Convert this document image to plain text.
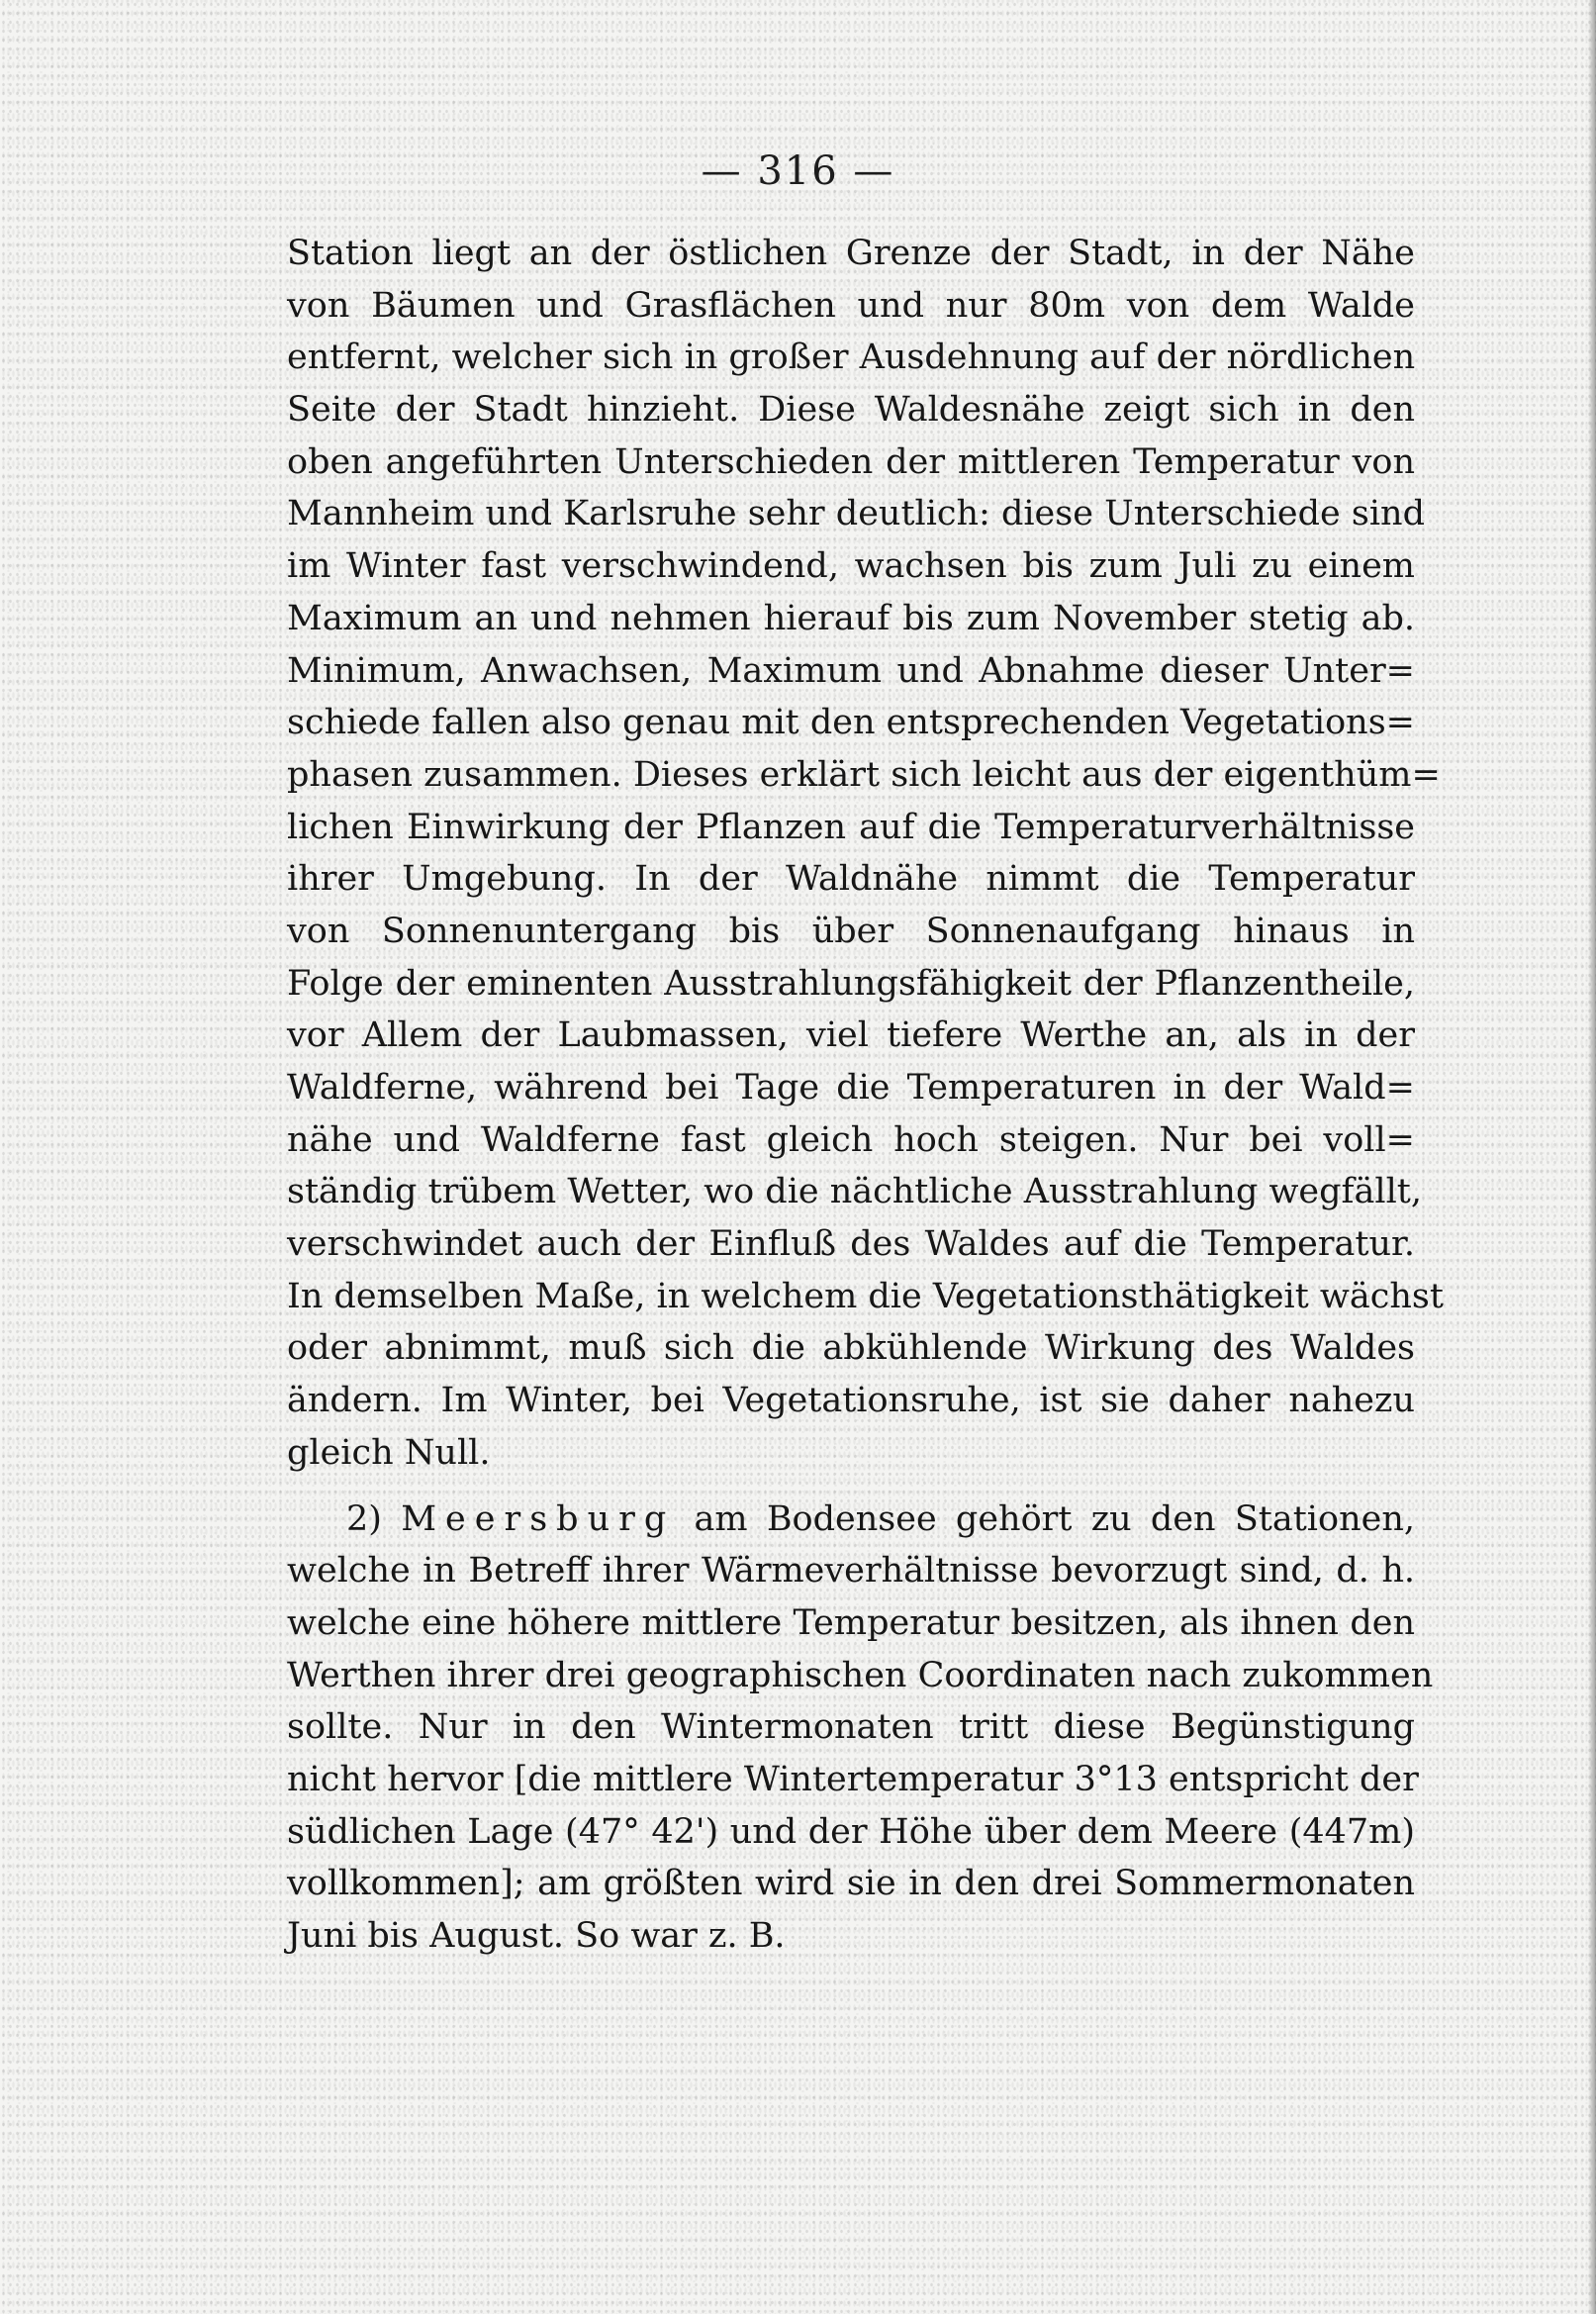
— 316 —
Station liegt an der östlichen Grenze der Stadt, in der Nähe
von Bäumen und Grasflächen und nur 80m von dem Walde
entfernt, welcher sich in großer Ausdehnung auf der nördlichen
Seite der Stadt hinzieht. Diese Waldesnähe zeigt sich in den
oben angeführten Unterschieden der mittleren Temperatur von
Mannheim und Karlsruhe sehr deutlich: diese Unterschiede sind
im Winter fast verschwindend, wachsen bis zum Juli zu einem
Maximum an und nehmen hierauf bis zum November stetig ab.
Minimum, Anwachsen, Maximum und Abnahme dieser Unter=
schiede fallen also genau mit den entsprechenden Vegetations=
phasen zusammen. Dieses erklärt sich leicht aus der eigenthüm=
lichen Einwirkung der Pflanzen auf die Temperaturverhältnisse
ihrer Umgebung. In der Waldnähe nimmt die Temperatur
von Sonnenuntergang bis über Sonnenaufgang hinaus in
Folge der eminenten Ausstrahlungsfähigkeit der Pflanzentheile,
vor Allem der Laubmassen, viel tiefere Werthe an, als in der
Waldferne, während bei Tage die Temperaturen in der Wald=
nähe und Waldferne fast gleich hoch steigen. Nur bei voll=
ständig trübem Wetter, wo die nächtliche Ausstrahlung wegfällt,
verschwindet auch der Einfluß des Waldes auf die Temperatur.
In demselben Maße, in welchem die Vegetationsthätigkeit wächst
oder abnimmt, muß sich die abkühlende Wirkung des Waldes
ändern. Im Winter, bei Vegetationsruhe, ist sie daher nahezu
gleich Null.
2) Meersburg am Bodensee gehört zu den Stationen,
welche in Betreff ihrer Wärmeverhältnisse bevorzugt sind, d. h.
welche eine höhere mittlere Temperatur besitzen, als ihnen den
Werthen ihrer drei geographischen Coordinaten nach zukommen
sollte. Nur in den Wintermonaten tritt diese Begünstigung
nicht hervor [die mittlere Wintertemperatur 3°13 entspricht der
südlichen Lage (47° 42') und der Höhe über dem Meere (447m)
vollkommen]; am größten wird sie in den drei Sommermonaten
Juni bis August. So war z. B.
